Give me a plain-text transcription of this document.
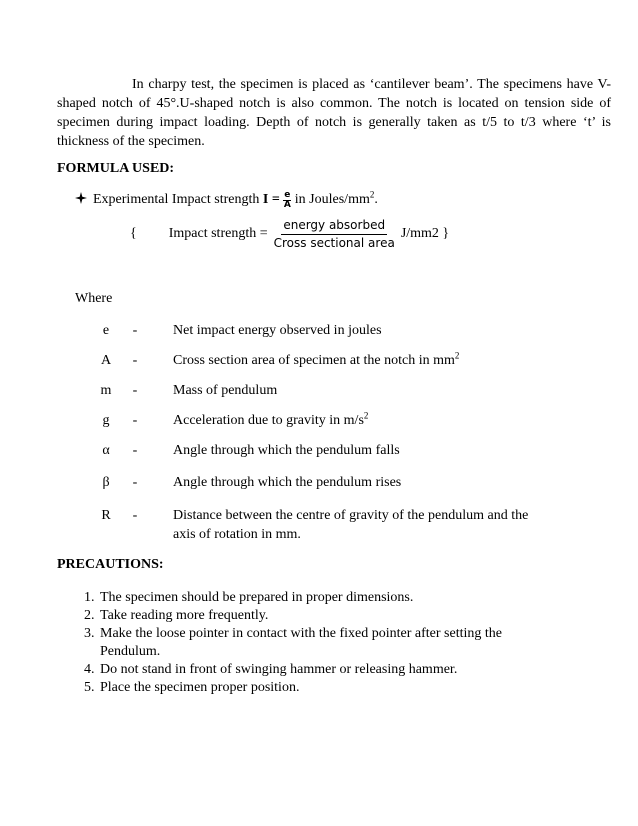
In charpy test, the specimen is placed as ‘cantilever beam’. The specimens have V-shaped notch of 45°.U-shaped notch is also common. The notch is located on tension side of specimen during impact loading. Depth of notch is generally taken as t/5 to t/3 where ‘t’ is thickness of the specimen.

FORMULA USED:
Experimental Impact strength
$I = \frac{e}{A}$ in Joules/$mm^2$.
{ Impact strength = $\frac{\text{energy absorbed}}{\text{Cross sectional area}} J/mm2$ }

Where

e	-	Net impact energy observed in joules
A	-	Cross section area of specimen at the notch in $mm^2$
m	-	Mass of pendulum
g	-	Acceleration due to gravity in $m/s^2$
α	-	Angle through which the pendulum falls
β	-	Angle through which the pendulum rises
R	-	Distance between the centre of gravity of the pendulum and the axis of rotation in mm.
PRECAUTIONS:
1. The specimen should be prepared in proper dimensions.
2. Take reading more frequently.
3. Make the loose pointer in contact with the fixed pointer after setting the Pendulum.
4. Do not stand in front of swinging hammer or releasing hammer.
5. Place the specimen proper position.
